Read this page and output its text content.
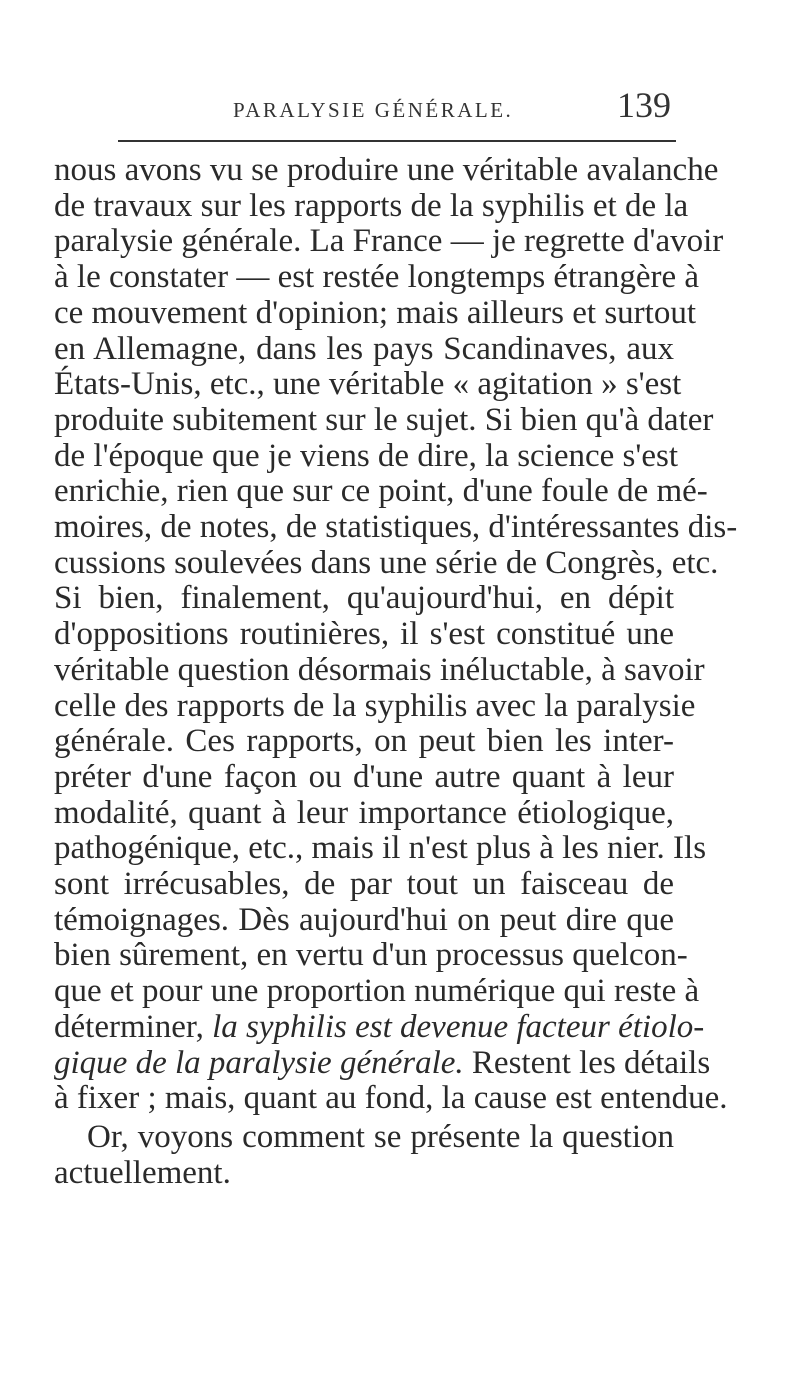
PARALYSIE GÉNÉRALE.	139
nous avons vu se produire une véritable avalanche
de travaux sur les rapports de la syphilis et de la
paralysie générale. La France — je regrette d'avoir
à le constater — est restée longtemps étrangère à
ce mouvement d'opinion; mais ailleurs et surtout
en Allemagne, dans les pays Scandinaves, aux
États-Unis, etc., une véritable « agitation » s'est
produite subitement sur le sujet. Si bien qu'à dater
de l'époque que je viens de dire, la science s'est
enrichie, rien que sur ce point, d'une foule de mé-
moires, de notes, de statistiques, d'intéressantes dis-
cussions soulevées dans une série de Congrès, etc.
Si bien, finalement, qu'aujourd'hui, en dépit
d'oppositions routinières, il s'est constitué une
véritable question désormais inéluctable, à savoir
celle des rapports de la syphilis avec la paralysie
générale. Ces rapports, on peut bien les inter-
préter d'une façon ou d'une autre quant à leur
modalité, quant à leur importance étiologique,
pathogénique, etc., mais il n'est plus à les nier. Ils
sont irrécusables, de par tout un faisceau de
témoignages. Dès aujourd'hui on peut dire que
bien sûrement, en vertu d'un processus quelcon-
que et pour une proportion numérique qui reste à
déterminer, la syphilis est devenue facteur étiolo-
gique de la paralysie générale. Restent les détails
à fixer ; mais, quant au fond, la cause est entendue.
Or, voyons comment se présente la question
actuellement.
